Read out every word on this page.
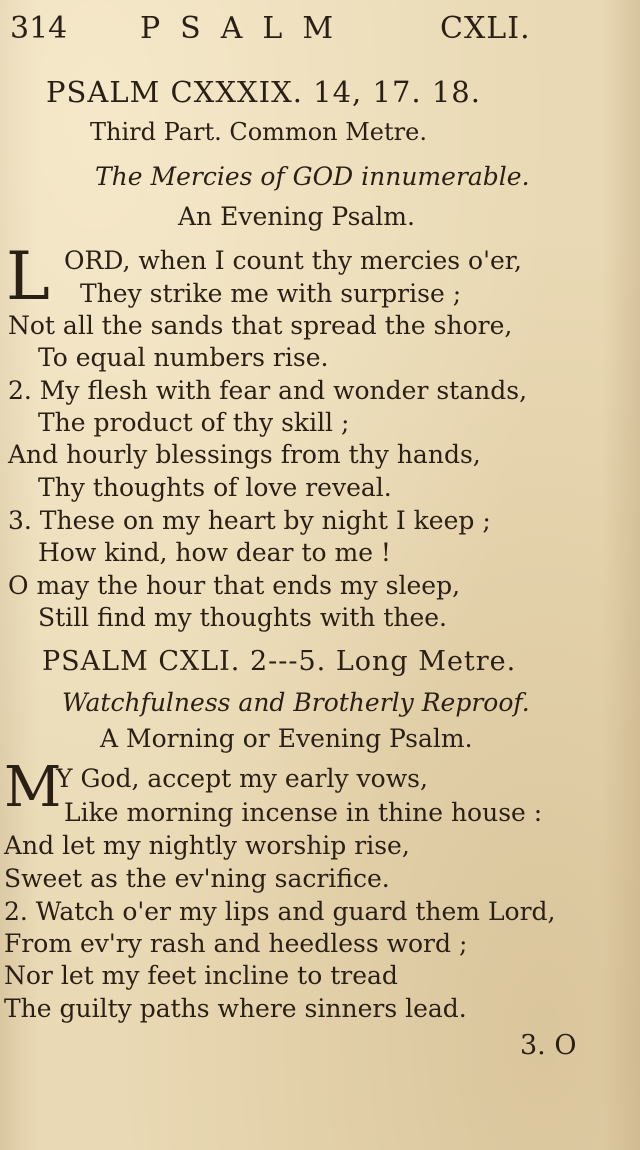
314 PSALM	CXLI.
PSALM CXXXIX. 14, 17. 18.
Third Part. Common Metre.
The Mercies of GOD innumerable.
An Evening Psalm.
L ORD, when I count thy mercies o'er,
They strike me with surprise ;
Not all the sands that spread the shore,
To equal numbers rise.
2. My flesh with fear and wonder stands,
The product of thy skill ;
And hourly blessings from thy hands,
Thy thoughts of love reveal.
3. These on my heart by night I keep ;
How kind, how dear to me !
O may the hour that ends my sleep,
Still find my thoughts with thee.
PSALM CXLI. 2---5. Long Metre.
Watchfulness and Brotherly Reproof.
A Morning or Evening Psalm.
M
Y God, accept my early vows,
Like morning incense in thine house :
And let my nightly worship rise,
Sweet as the ev'ning sacrifice.
2. Watch o'er my lips and guard them Lord,
From ev'ry rash and heedless word ;
Nor let my feet incline to tread
The guilty paths where sinners lead.
3. O
